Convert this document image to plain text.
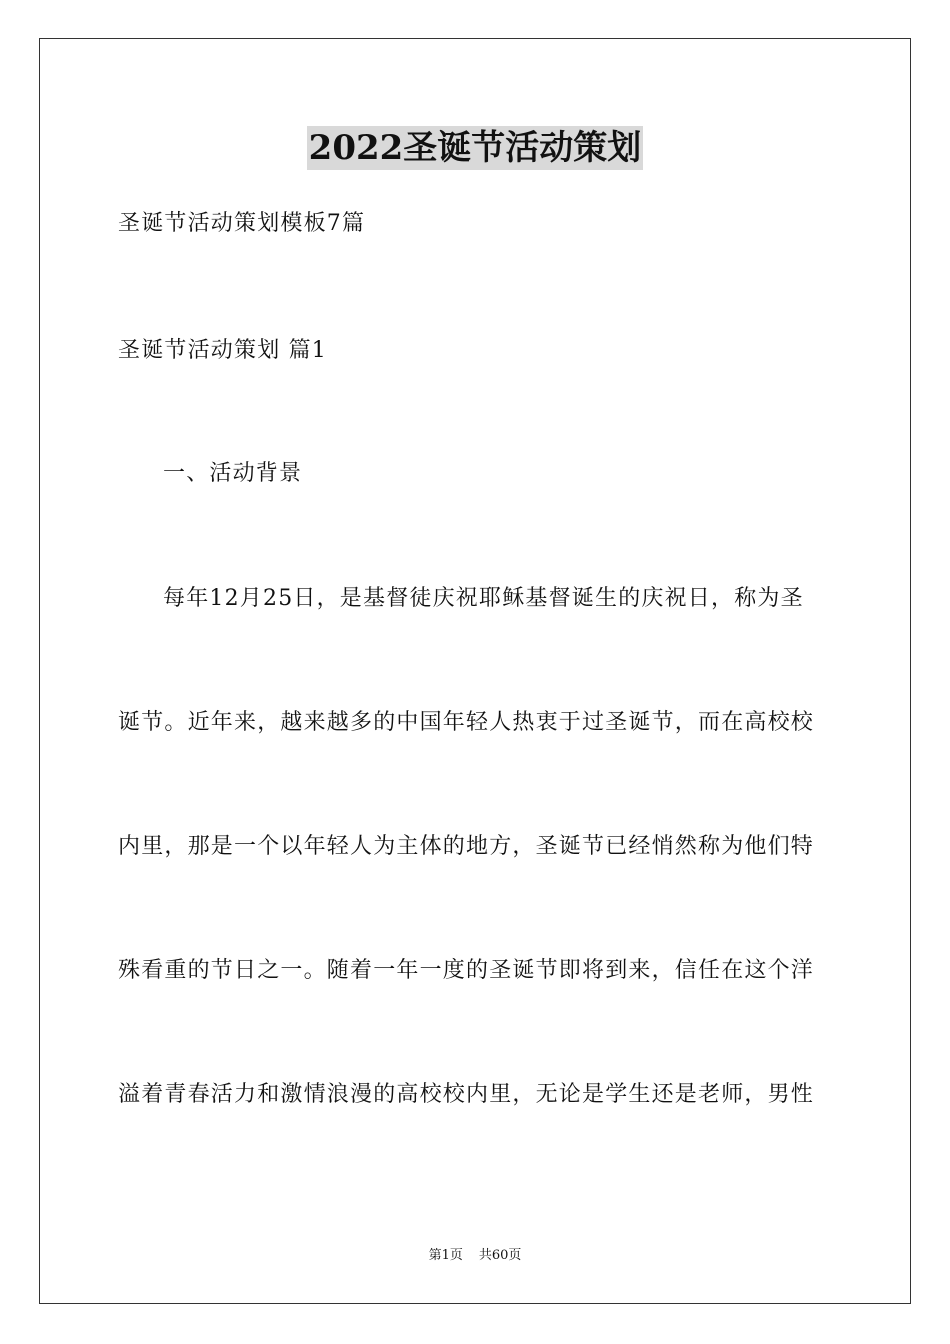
2022圣诞节活动策划
圣诞节活动策划模板7篇
圣诞节活动策划 篇1
一、活动背景
每年12月25日，是基督徒庆祝耶稣基督诞生的庆祝日，称为圣
诞节。近年来，越来越多的中国年轻人热衷于过圣诞节，而在高校校
内里，那是一个以年轻人为主体的地方，圣诞节已经悄然称为他们特
殊看重的节日之一。随着一年一度的圣诞节即将到来，信任在这个洋
溢着青春活力和激情浪漫的高校校内里，无论是学生还是老师，男性
第1页 共60页
